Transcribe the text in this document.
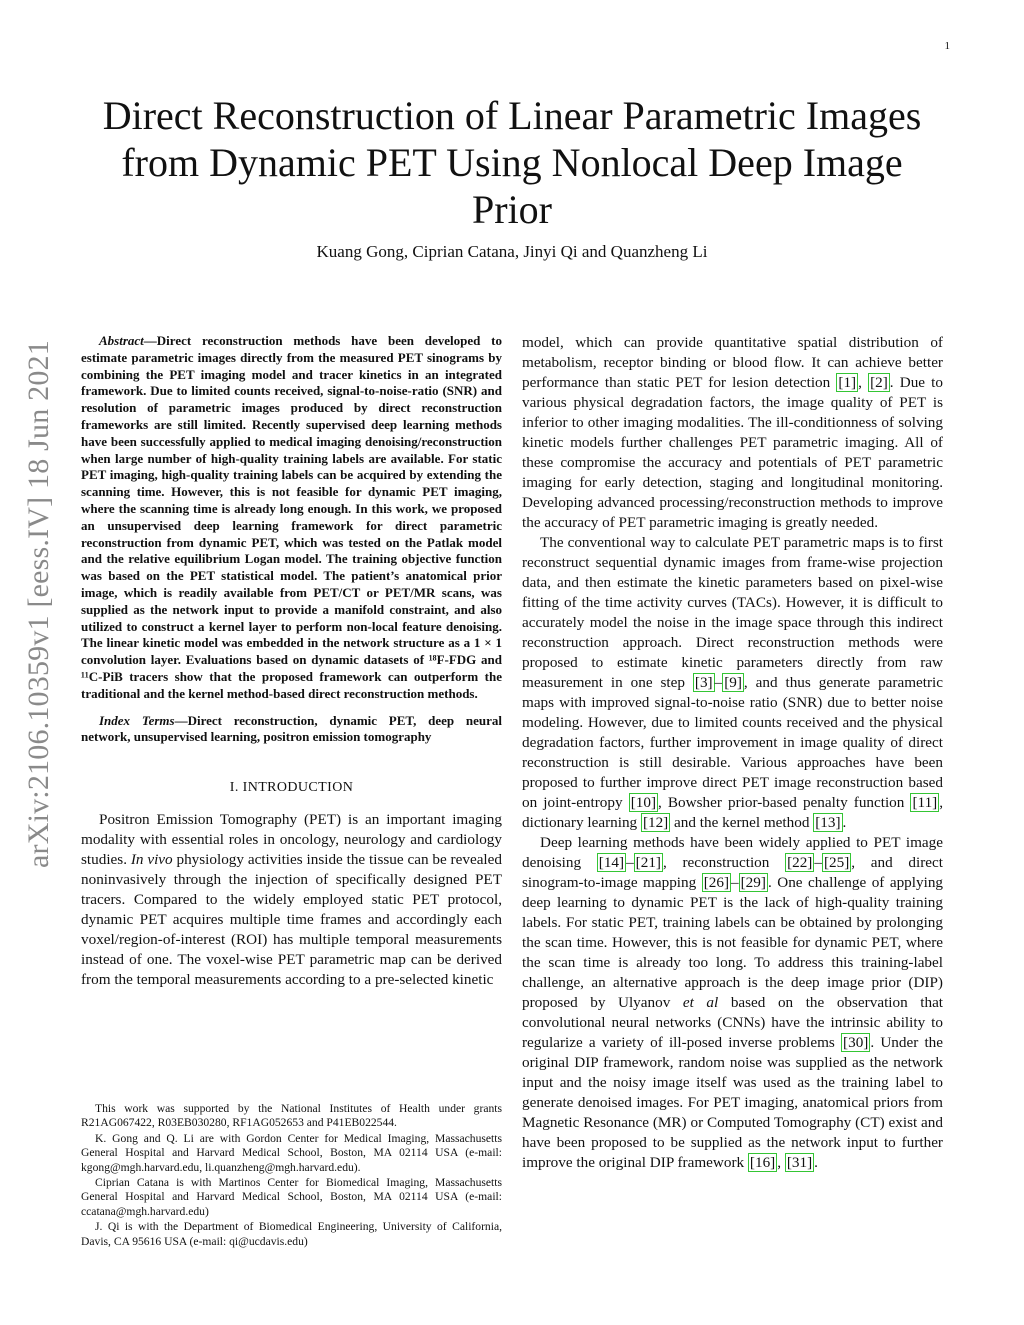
1
arXiv:2106.10359v1 [eess.IV] 18 Jun 2021
Direct Reconstruction of Linear Parametric Images
from Dynamic PET Using Nonlocal Deep Image
Prior
Kuang Gong, Ciprian Catana, Jinyi Qi and Quanzheng Li

Abstract—Direct reconstruction methods have been developed to estimate parametric images directly from the measured PET sinograms by combining the PET imaging model and tracer kinetics in an integrated framework. Due to limited counts received, signal-to-noise-ratio (SNR) and resolution of parametric images produced by direct reconstruction frameworks are still limited. Recently supervised deep learning methods have been successfully applied to medical imaging denoising/reconstruction when large number of high-quality training labels are available. For static PET imaging, high-quality training labels can be acquired by extending the scanning time. However, this is not feasible for dynamic PET imaging, where the scanning time is already long enough. In this work, we proposed an unsupervised deep learning framework for direct parametric reconstruction from dynamic PET, which was tested on the Patlak model and the relative equilibrium Logan model. The training objective function was based on the PET statistical model. The patient’s anatomical prior image, which is readily available from PET/CT or PET/MR scans, was supplied as the network input to provide a manifold constraint, and also utilized to construct a kernel layer to perform non-local feature denoising. The linear kinetic model was embedded in the network structure as a 1 × 1 convolution layer. Evaluations based on dynamic datasets of ¹⁸F-FDG and ¹¹C-PiB tracers show that the proposed framework can outperform the traditional and the kernel method-based direct reconstruction methods.

Index Terms—Direct reconstruction, dynamic PET, deep neural network, unsupervised learning, positron emission tomography

I. INTRODUCTION

Positron Emission Tomography (PET) is an important imaging modality with essential roles in oncology, neurology and cardiology studies. In vivo physiology activities inside the tissue can be revealed noninvasively through the injection of specifically designed PET tracers. Compared to the widely employed static PET protocol, dynamic PET acquires multiple time frames and accordingly each voxel/region-of-interest (ROI) has multiple temporal measurements instead of one. The voxel-wise PET parametric map can be derived from the temporal measurements according to a pre-selected kinetic

This work was supported by the National Institutes of Health under grants R21AG067422, R03EB030280, RF1AG052653 and P41EB022544.

K. Gong and Q. Li are with Gordon Center for Medical Imaging, Massachusetts General Hospital and Harvard Medical School, Boston, MA 02114 USA (e-mail: kgong@mgh.harvard.edu, li.quanzheng@mgh.harvard.edu).

Ciprian Catana is with Martinos Center for Biomedical Imaging, Massachusetts General Hospital and Harvard Medical School, Boston, MA 02114 USA (e-mail: ccatana@mgh.harvard.edu)

J. Qi is with the Department of Biomedical Engineering, University of California, Davis, CA 95616 USA (e-mail: qi@ucdavis.edu)

model, which can provide quantitative spatial distribution of metabolism, receptor binding or blood flow. It can achieve better performance than static PET for lesion detection [1] , [2] . Due to various physical degradation factors, the image quality of PET is inferior to other imaging modalities. The ill-conditionness of solving kinetic models further challenges PET parametric imaging. All of these compromise the accuracy and potentials of PET parametric imaging for early detection, staging and longitudinal monitoring. Developing advanced processing/reconstruction methods to improve the accuracy of PET parametric imaging is greatly needed.

The conventional way to calculate PET parametric maps is to first reconstruct sequential dynamic images from frame-wise projection data, and then estimate the kinetic parameters based on pixel-wise fitting of the time activity curves (TACs). However, it is difficult to accurately model the noise in the image space through this indirect reconstruction approach. Direct reconstruction methods were proposed to estimate kinetic parameters directly from raw measurement in one step [3] – [9] , and thus generate parametric maps with improved signal-to-noise ratio (SNR) due to better noise modeling. However, due to limited counts received and the physical degradation factors, further improvement in image quality of direct reconstruction is still desirable. Various approaches have been proposed to further improve direct PET image reconstruction based on joint-entropy [10] , Bowsher prior-based penalty function [11] , dictionary learning [12] and the kernel method [13] .

Deep learning methods have been widely applied to PET image denoising [14] – [21] , reconstruction [22] – [25] , and direct sinogram-to-image mapping [26] – [29] . One challenge of applying deep learning to dynamic PET is the lack of high-quality training labels. For static PET, training labels can be obtained by prolonging the scan time. However, this is not feasible for dynamic PET, where the scan time is already too long. To address this training-label challenge, an alternative approach is the deep image prior (DIP) proposed by Ulyanov et al based on the observation that convolutional neural networks (CNNs) have the intrinsic ability to regularize a variety of ill-posed inverse problems [30] . Under the original DIP framework, random noise was supplied as the network input and the noisy image itself was used as the training label to generate denoised images. For PET imaging, anatomical priors from Magnetic Resonance (MR) or Computed Tomography (CT) exist and have been proposed to be supplied as the network input to further improve the original DIP framework [16] , [31] .
